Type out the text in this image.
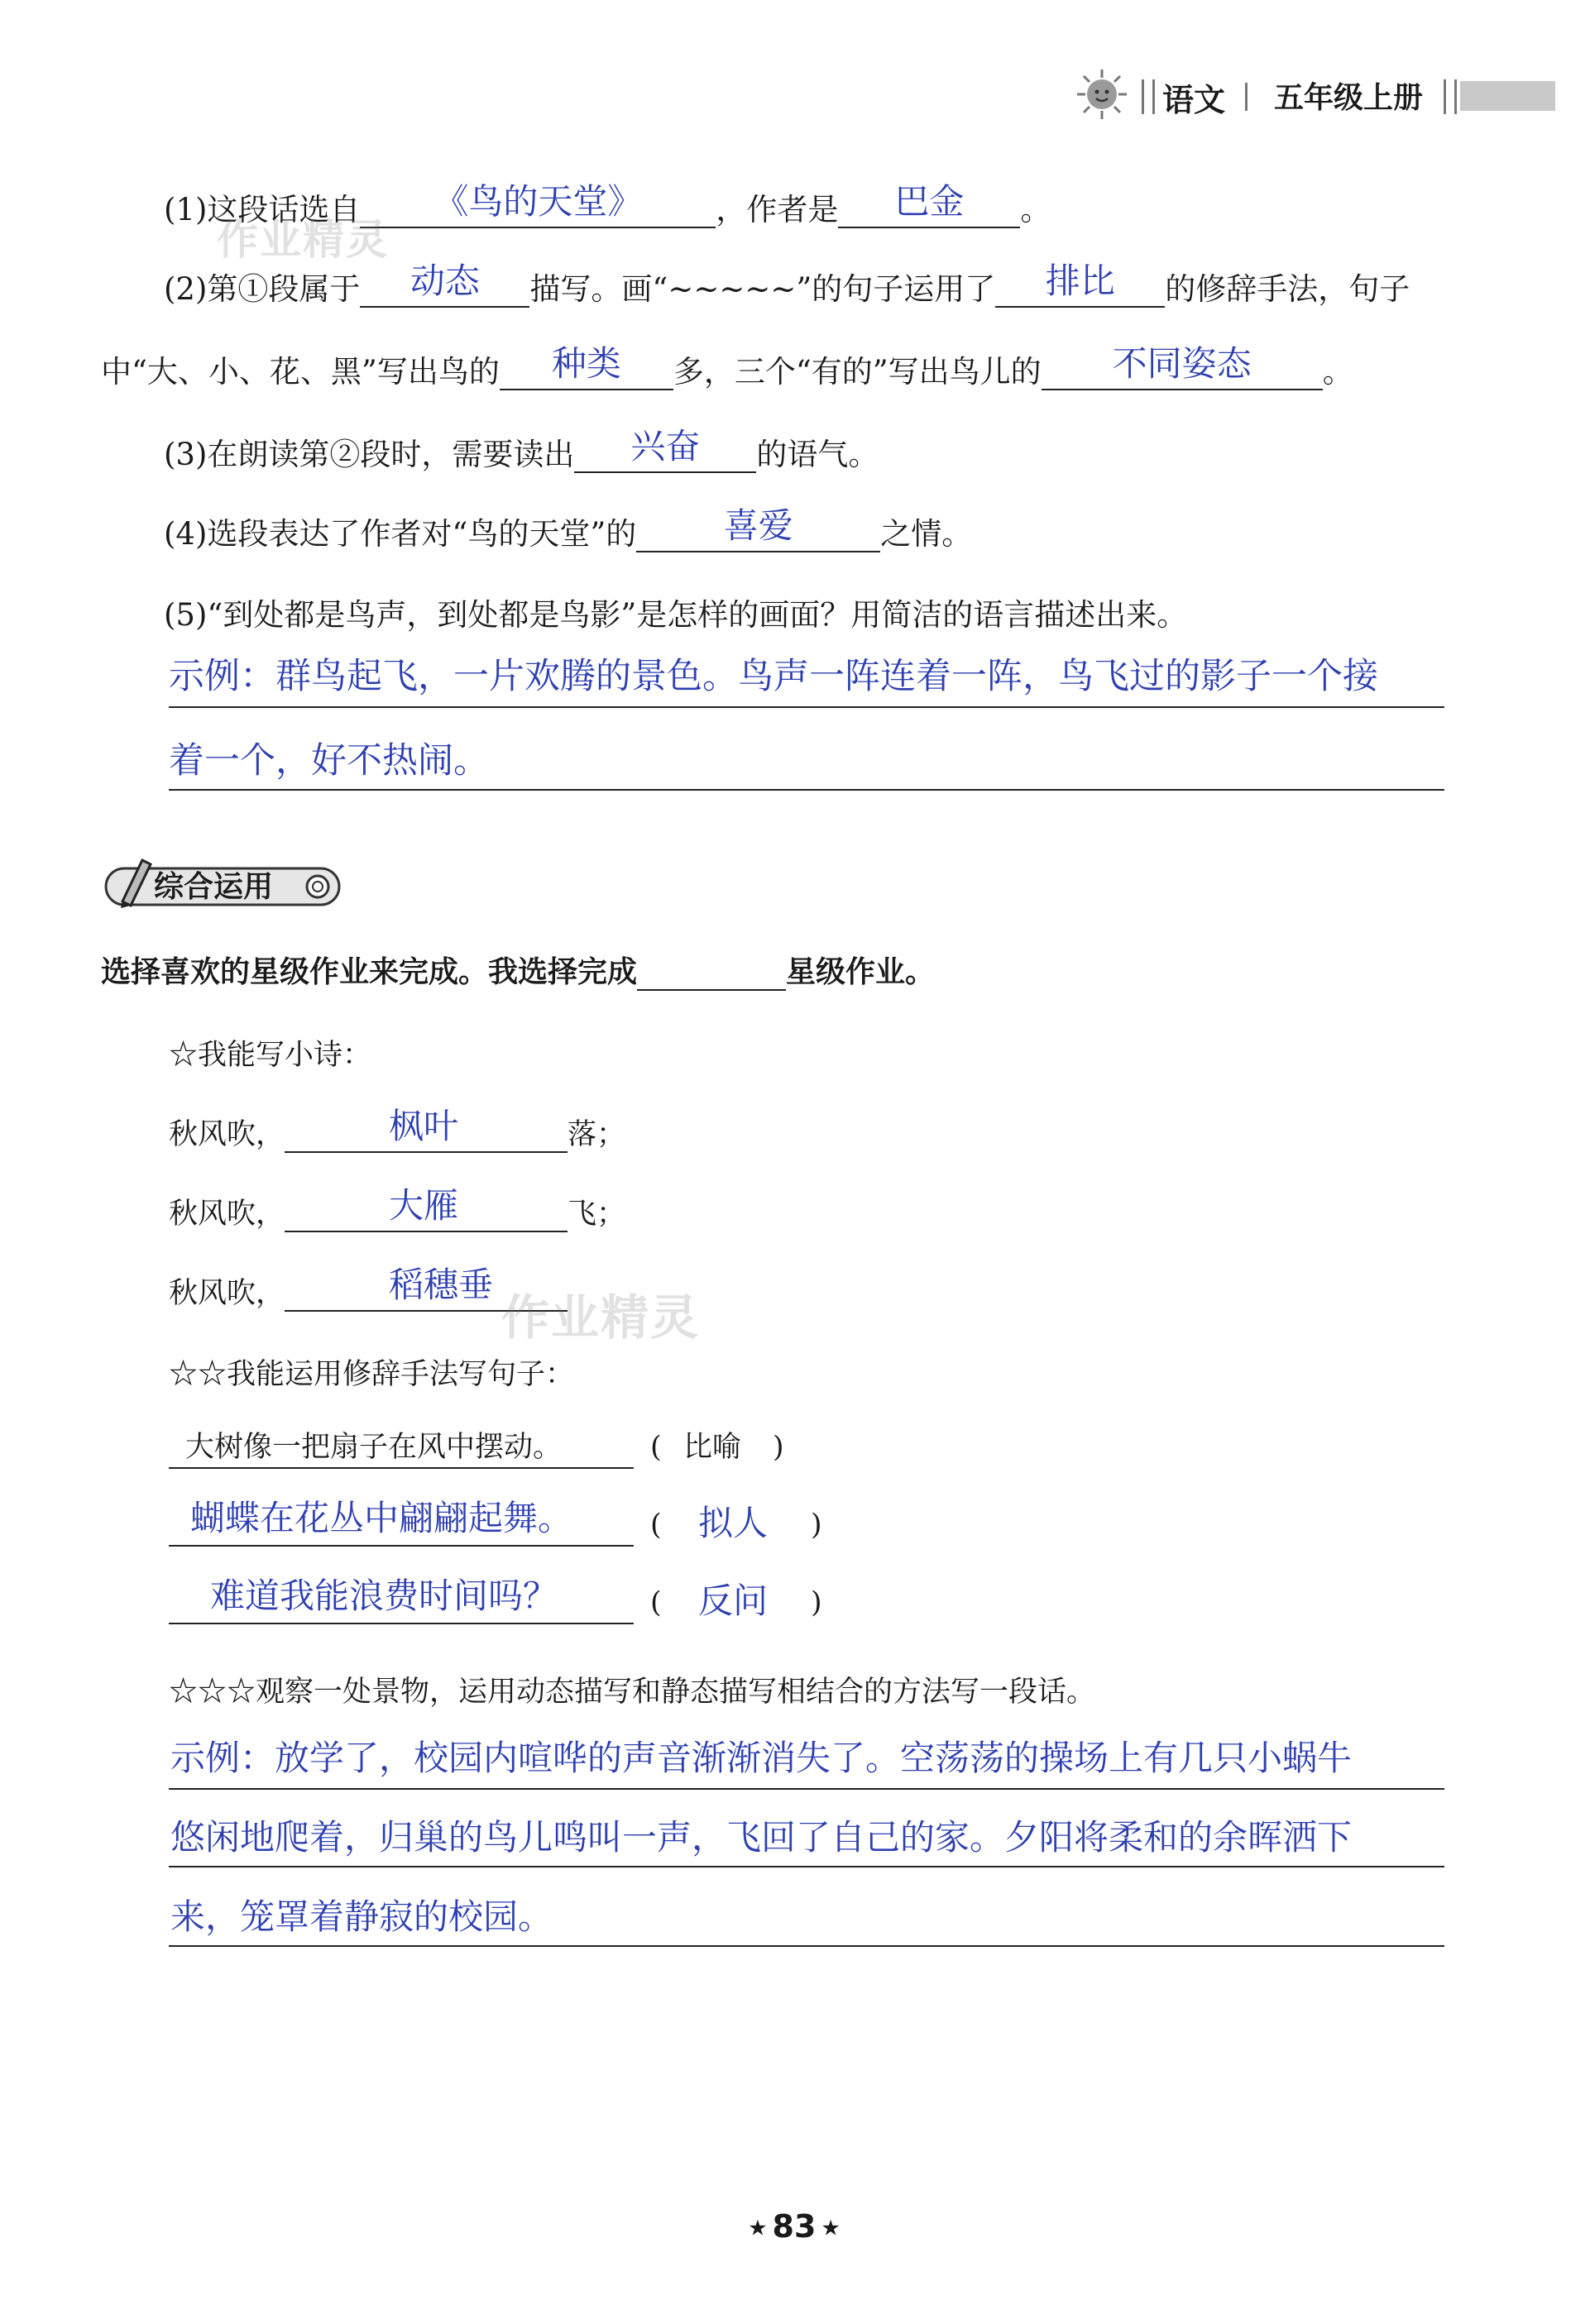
语文 五年级上册
(1)这段话选自	《鸟的天堂》	，作者是	巴金	。
作业精灵
(2)第①段属于	动态	描写。画“~~~~~”的句子运用了	排比	的修辞手法，句子
中“大、小、花、黑”写出鸟的	种类	多，三个“有的”写出鸟儿的	不同姿态	。
(3)在朗读第②段时，需要读出	兴奋	的语气。
(4)选段表达了作者对“鸟的天堂”的	喜爱	之情。
(5)“到处都是鸟声，到处都是鸟影”是怎样的画面？用简洁的语言描述出来。
示例：群鸟起飞，一片欢腾的景色。鸟声一阵连着一阵，鸟飞过的影子一个接
着一个，好不热闹。
综合运用
选择喜欢的星级作业来完成。我选择完成	星级作业。
☆我能写小诗：
秋风吹，	枫叶	落；
秋风吹，	大雁	飞；
秋风吹，	稻穗垂
作业精灵
☆☆我能运用修辞手法写句子：
大树像一把扇子在风中摆动。	( 比喻 )
蝴蝶在花丛中翩翩起舞。	( 拟人 )
难道我能浪费时间吗？	( 反问 )
☆☆☆观察一处景物，运用动态描写和静态描写相结合的方法写一段话。
示例：放学了，校园内喧哗的声音渐渐消失了。空荡荡的操场上有几只小蜗牛
悠闲地爬着，归巢的鸟儿鸣叫一声，飞回了自己的家。夕阳将柔和的余晖洒下
来，笼罩着静寂的校园。
★ 83 ★
